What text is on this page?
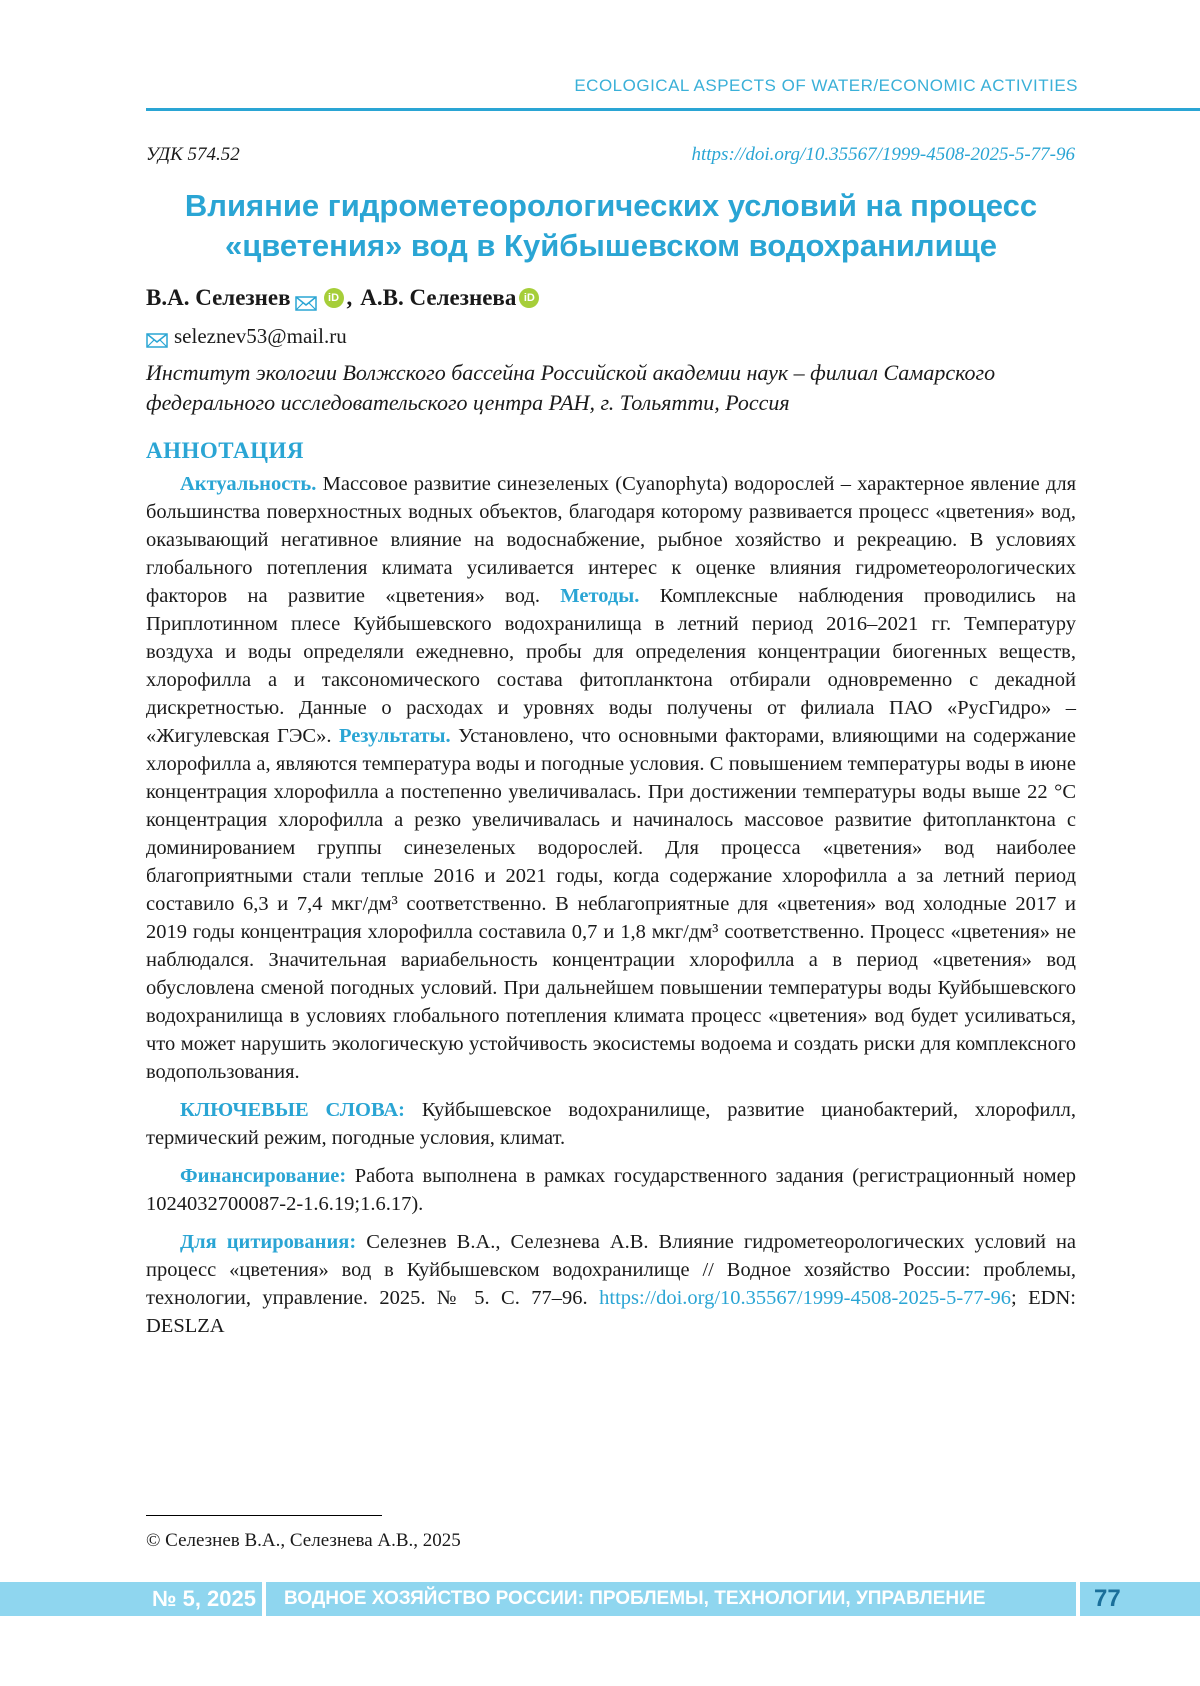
ECOLOGICAL ASPECTS OF WATER/ECONOMIC ACTIVITIES
УДК 574.52	https://doi.org/10.35567/1999-4508-2025-5-77-96
Влияние гидрометеорологических условий на процесс «цветения» вод в Куйбышевском водохранилище
В.А. Селезнев	iD , А.В. Селезнева iD
seleznev53@mail.ru
Институт экологии Волжского бассейна Российской академии наук – филиал Самарского федерального исследовательского центра РАН, г. Тольятти, Россия
АННОТАЦИЯ

Актуальность. Массовое развитие синезеленых (Cyanophyta) водорослей – характерное явление для большинства поверхностных водных объектов, благодаря которому развивается процесс «цветения» вод, оказывающий негативное влияние на водоснабжение, рыбное хозяйство и рекреацию. В условиях глобального потепления климата усиливается интерес к оценке влияния гидрометеорологических факторов на развитие «цветения» вод. Методы. Комплексные наблюдения проводились на Приплотинном плесе Куйбышевского водохранилища в летний период 2016–2021 гг. Температуру воздуха и воды определяли ежедневно, пробы для определения концентрации биогенных веществ, хлорофилла a и таксономического состава фитопланктона отбирали одновременно с декадной дискретностью. Данные о расходах и уровнях воды получены от филиала ПАО «РусГидро» – «Жигулевская ГЭС». Результаты. Установлено, что основными факторами, влияющими на содержание хлорофилла a, являются температура воды и погодные условия. С повышением температуры воды в июне концентрация хлорофилла a постепенно увеличивалась. При достижении температуры воды выше 22 °С концентрация хлорофилла a резко увеличивалась и начиналось массовое развитие фитопланктона с доминированием группы синезеленых водорослей. Для процесса «цветения» вод наиболее благоприятными стали теплые 2016 и 2021 годы, когда содержание хлорофилла a за летний период составило 6,3 и 7,4 мкг/дм³ соответственно. В неблагоприятные для «цветения» вод холодные 2017 и 2019 годы концентрация хлорофилла составила 0,7 и 1,8 мкг/дм³ соответственно. Процесс «цветения» не наблюдался. Значительная вариабельность концентрации хлорофилла a в период «цветения» вод обусловлена сменой погодных условий. При дальнейшем повышении температуры воды Куйбышевского водохранилища в условиях глобального потепления климата процесс «цветения» вод будет усиливаться, что может нарушить экологическую устойчивость экосистемы водоема и создать риски для комплексного водопользования.

КЛЮЧЕВЫЕ СЛОВА: Куйбышевское водохранилище, развитие цианобактерий, хлорофилл, термический режим, погодные условия, климат.

Финансирование: Работа выполнена в рамках государственного задания (регистрационный номер 1024032700087-2-1.6.19;1.6.17).

Для цитирования: Селезнев В.А., Селезнева А.В. Влияние гидрометеорологических условий на процесс «цветения» вод в Куйбышевском водохранилище // Водное хозяйство России: проблемы, технологии, управление. 2025. № 5. С. 77–96. https://doi.org/10.35567/1999-4508-2025-5-77-96; EDN: DESLZA

© Селезнев В.А., Селезнева А.В., 2025
№ 5, 2025	ВОДНОЕ ХОЗЯЙСТВО РОССИИ: ПРОБЛЕМЫ, ТЕХНОЛОГИИ, УПРАВЛЕНИЕ	77
